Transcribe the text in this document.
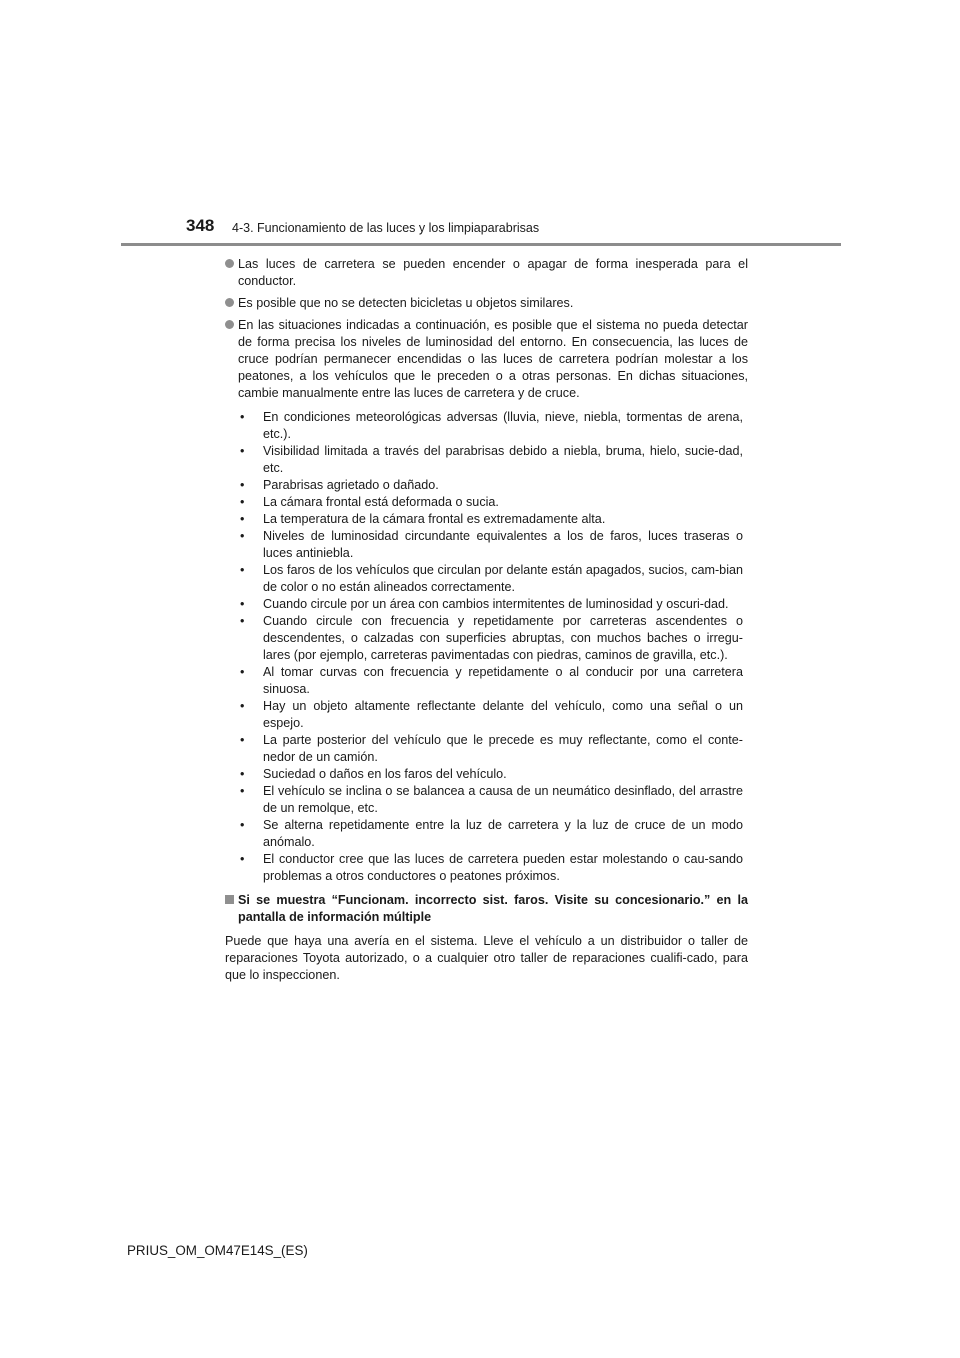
348 4-3. Funcionamiento de las luces y los limpiaparabrisas
Las luces de carretera se pueden encender o apagar de forma inesperada para el conductor.
Es posible que no se detecten bicicletas u objetos similares.
En las situaciones indicadas a continuación, es posible que el sistema no pueda detectar de forma precisa los niveles de luminosidad del entorno. En consecuencia, las luces de cruce podrían permanecer encendidas o las luces de carretera podrían molestar a los peatones, a los vehículos que le preceden o a otras personas. En dichas situaciones, cambie manualmente entre las luces de carretera y de cruce.
• En condiciones meteorológicas adversas (lluvia, nieve, niebla, tormentas de arena, etc.).
• Visibilidad limitada a través del parabrisas debido a niebla, bruma, hielo, sucie-dad, etc.
• Parabrisas agrietado o dañado.
• La cámara frontal está deformada o sucia.
• La temperatura de la cámara frontal es extremadamente alta.
• Niveles de luminosidad circundante equivalentes a los de faros, luces traseras o luces antiniebla.
• Los faros de los vehículos que circulan por delante están apagados, sucios, cam-bian de color o no están alineados correctamente.
• Cuando circule por un área con cambios intermitentes de luminosidad y oscuri-dad.
• Cuando circule con frecuencia y repetidamente por carreteras ascendentes o descendentes, o calzadas con superficies abruptas, con muchos baches o irregu-lares (por ejemplo, carreteras pavimentadas con piedras, caminos de gravilla, etc.).
• Al tomar curvas con frecuencia y repetidamente o al conducir por una carretera sinuosa.
• Hay un objeto altamente reflectante delante del vehículo, como una señal o un espejo.
• La parte posterior del vehículo que le precede es muy reflectante, como el conte-nedor de un camión.
• Suciedad o daños en los faros del vehículo.
• El vehículo se inclina o se balancea a causa de un neumático desinflado, del arrastre de un remolque, etc.
• Se alterna repetidamente entre la luz de carretera y la luz de cruce de un modo anómalo.
• El conductor cree que las luces de carretera pueden estar molestando o cau-sando problemas a otros conductores o peatones próximos.
Si se muestra “Funcionam. incorrecto sist. faros. Visite su concesionario.” en la pantalla de información múltiple
Puede que haya una avería en el sistema. Lleve el vehículo a un distribuidor o taller de reparaciones Toyota autorizado, o a cualquier otro taller de reparaciones cualifi-cado, para que lo inspeccionen.
PRIUS_OM_OM47E14S_(ES)
